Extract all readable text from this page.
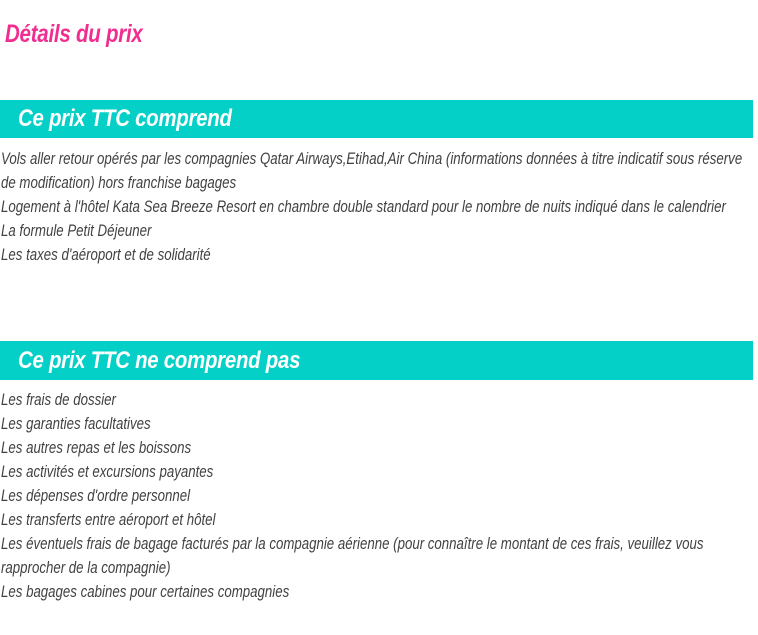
Détails du prix
Ce prix TTC comprend

Vols aller retour opérés par les compagnies Qatar Airways,Etihad,Air China (informations données à titre indicatif sous réserve de modification) hors franchise bagages

Logement à l'hôtel Kata Sea Breeze Resort en chambre double standard pour le nombre de nuits indiqué dans le calendrier

La formule Petit Déjeuner

Les taxes d'aéroport et de solidarité

Ce prix TTC ne comprend pas

Les frais de dossier

Les garanties facultatives

Les autres repas et les boissons

Les activités et excursions payantes

Les dépenses d'ordre personnel

Les transferts entre aéroport et hôtel

Les éventuels frais de bagage facturés par la compagnie aérienne (pour connaître le montant de ces frais, veuillez vous rapprocher de la compagnie)

Les bagages cabines pour certaines compagnies
